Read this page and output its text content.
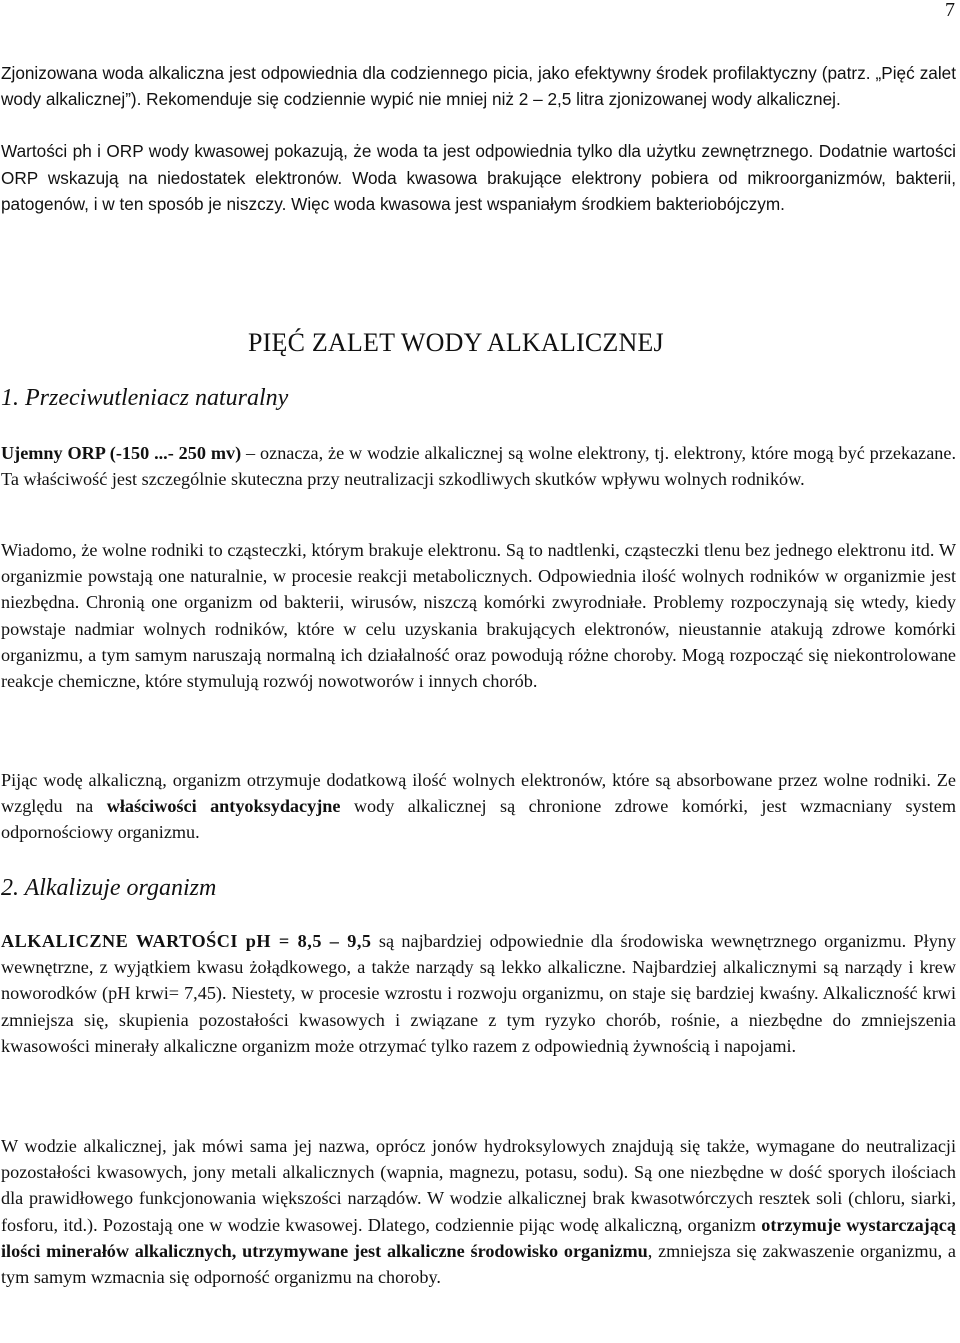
7

Zjonizowana woda alkaliczna jest odpowiednia dla codziennego picia, jako efektywny środek profilaktyczny (patrz. „Pięć zalet wody alkalicznej”). Rekomenduje się codziennie wypić nie mniej niż 2 – 2,5 litra zjonizowanej wody alkalicznej.

Wartości ph i ORP wody kwasowej pokazują, że woda ta jest odpowiednia tylko dla użytku zewnętrznego. Dodatnie wartości ORP wskazują na niedostatek elektronów. Woda kwasowa brakujące elektrony pobiera od mikroorganizmów, bakterii, patogenów, i w ten sposób je niszczy. Więc woda kwasowa jest wspaniałym środkiem bakteriobójczym.

PIĘĆ ZALET WODY ALKALICZNEJ
1. Przeciwutleniacz naturalny

Ujemny ORP (-150 ...- 250 mv) – oznacza, że w wodzie alkalicznej są wolne elektrony, tj. elektrony, które mogą być przekazane. Ta właściwość jest szczególnie skuteczna przy neutralizacji szkodliwych skutków wpływu wolnych rodników.

Wiadomo, że wolne rodniki to cząsteczki, którym brakuje elektronu. Są to nadtlenki, cząsteczki tlenu bez jednego elektronu itd. W organizmie powstają one naturalnie, w procesie reakcji metabolicznych. Odpowiednia ilość wolnych rodników w organizmie jest niezbędna. Chronią one organizm od bakterii, wirusów, niszczą komórki zwyrodniałe. Problemy rozpoczynają się wtedy, kiedy powstaje nadmiar wolnych rodników, które w celu uzyskania brakujących elektronów, nieustannie atakują zdrowe komórki organizmu, a tym samym naruszają normalną ich działalność oraz powodują różne choroby. Mogą rozpocząć się niekontrolowane reakcje chemiczne, które stymulują rozwój nowotworów i innych chorób.

Pijąc wodę alkaliczną, organizm otrzymuje dodatkową ilość wolnych elektronów, które są absorbowane przez wolne rodniki. Ze względu na właściwości antyoksydacyjne wody alkalicznej są chronione zdrowe komórki, jest wzmacniany system odpornościowy organizmu.

2. Alkalizuje organizm

ALKALICZNE WARTOŚCI pH = 8,5 – 9,5 są najbardziej odpowiednie dla środowiska wewnętrznego organizmu. Płyny wewnętrzne, z wyjątkiem kwasu żołądkowego, a także narządy są lekko alkaliczne. Najbardziej alkalicznymi są narządy i krew noworodków (pH krwi= 7,45). Niestety, w procesie wzrostu i rozwoju organizmu, on staje się bardziej kwaśny. Alkaliczność krwi zmniejsza się, skupienia pozostałości kwasowych i związane z tym ryzyko chorób, rośnie, a niezbędne do zmniejszenia kwasowości minerały alkaliczne organizm może otrzymać tylko razem z odpowiednią żywnością i napojami.

W wodzie alkalicznej, jak mówi sama jej nazwa, oprócz jonów hydroksylowych znajdują się także, wymagane do neutralizacji pozostałości kwasowych, jony metali alkalicznych (wapnia, magnezu, potasu, sodu). Są one niezbędne w dość sporych ilościach dla prawidłowego funkcjonowania większości narządów. W wodzie alkalicznej brak kwasotwórczych resztek soli (chloru, siarki, fosforu, itd.). Pozostają one w wodzie kwasowej. Dlatego, codziennie pijąc wodę alkaliczną, organizm otrzymuje wystarczającą ilości minerałów alkalicznych, utrzymywane jest alkaliczne środowisko organizmu, zmniejsza się zakwaszenie organizmu, a tym samym wzmacnia się odporność organizmu na choroby.
